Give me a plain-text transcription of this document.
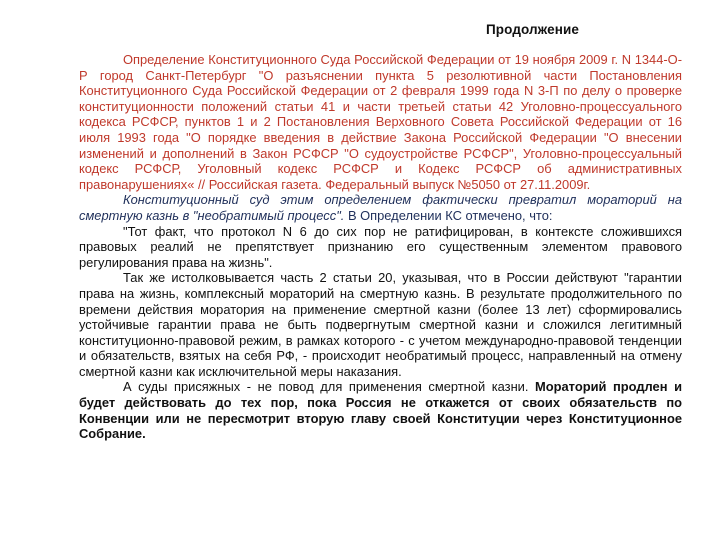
Продолжение

Определение Конституционного Суда Российской Федерации от 19 ноября 2009 г. N 1344-О-Р город Санкт-Петербург "О разъяснении пункта 5 резолютивной части Постановления Конституционного Суда Российской Федерации от 2 февраля 1999 года N 3-П по делу о проверке конституционности положений статьи 41 и части третьей статьи 42 Уголовно-процессуального кодекса РСФСР, пунктов 1 и 2 Постановления Верховного Совета Российской Федерации от 16 июля 1993 года "О порядке введения в действие Закона Российской Федерации "О внесении изменений и дополнений в Закон РСФСР "О судоустройстве РСФСР", Уголовно-процессуальный кодекс РСФСР, Уголовный кодекс РСФСР и Кодекс РСФСР об административных правонарушениях« // Российская газета. Федеральный выпуск №5050 от 27.11.2009г.

Конституционный суд этим определением фактически превратил мораторий на смертную казнь в "необратимый процесс". В Определении КС отмечено, что:

"Тот факт, что протокол N 6 до сих пор не ратифицирован, в контексте сложившихся правовых реалий не препятствует признанию его существенным элементом правового регулирования права на жизнь".

Так же истолковывается часть 2 статьи 20, указывая, что в России действуют "гарантии права на жизнь, комплексный мораторий на смертную казнь. В результате продолжительного по времени действия моратория на применение смертной казни (более 13 лет) сформировались устойчивые гарантии права не быть подвергнутым смертной казни и сложился легитимный конституционно-правовой режим, в рамках которого - с учетом международно-правовой тенденции и обязательств, взятых на себя РФ, - происходит необратимый процесс, направленный на отмену смертной казни как исключительной меры наказания.

А суды присяжных - не повод для применения смертной казни. Мораторий продлен и будет действовать до тех пор, пока Россия не откажется от своих обязательств по Конвенции или не пересмотрит вторую главу своей Конституции через Конституционное Собрание.
